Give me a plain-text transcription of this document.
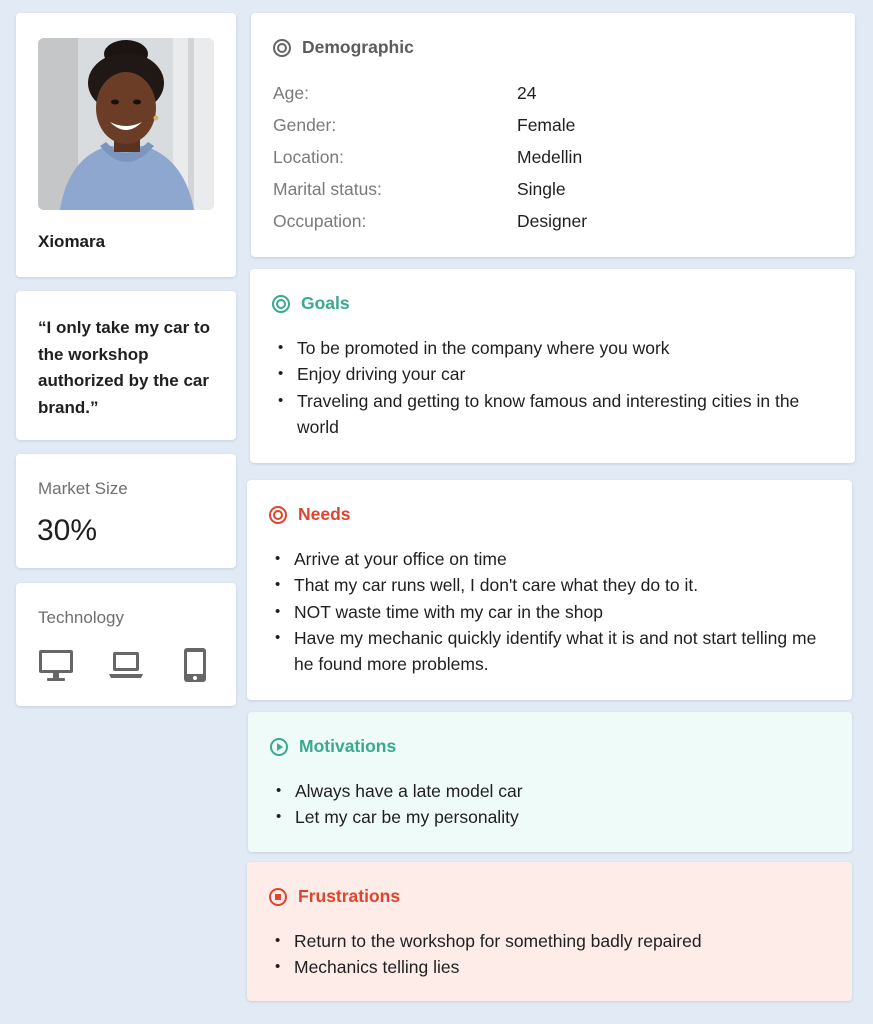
Xiomara
“I only take my car to the workshop authorized by the car brand.”
Market Size
30%
Technology
Demographic
Age:	24
Gender:	Female
Location:	Medellin
Marital status:	Single
Occupation:	Designer
Goals
• To be promoted in the company where you work
• Enjoy driving your car
• Traveling and getting to know famous and interesting cities in the world
Needs
• Arrive at your office on time
• That my car runs well, I don't care what they do to it.
• NOT waste time with my car in the shop
• Have my mechanic quickly identify what it is and not start telling me he found more problems.
Motivations
• Always have a late model car
• Let my car be my personality
Frustrations
• Return to the workshop for something badly repaired
• Mechanics telling lies
